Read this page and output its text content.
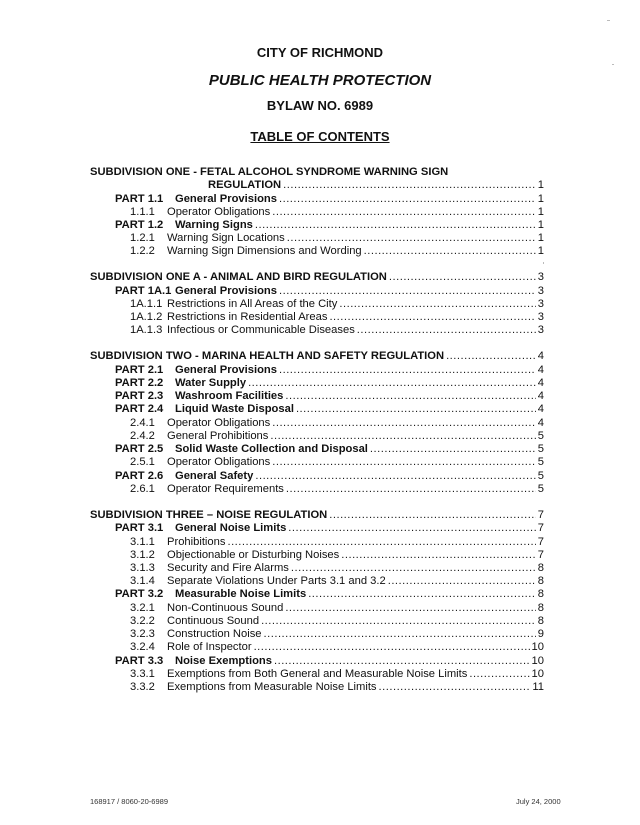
CITY OF RICHMOND
PUBLIC HEALTH PROTECTION
BYLAW NO. 6989
TABLE OF CONTENTS
SUBDIVISION ONE - FETAL ALCOHOL SYNDROME WARNING SIGN
REGULATION .....	1
PART 1.1	General Provisions .....	1
1.1.1	Operator Obligations .....	1
PART 1.2	Warning Signs .....	1
1.2.1	Warning Sign Locations .....	1
1.2.2	Warning Sign Dimensions and Wording .....	1
SUBDIVISION ONE A - ANIMAL AND BIRD REGULATION .....	3
PART 1A.1 General Provisions .....	3
1A.1.1 Restrictions in All Areas of the City .....	3
1A.1.2 Restrictions in Residential Areas .....	3
1A.1.3 Infectious or Communicable Diseases .....	3
SUBDIVISION TWO - MARINA HEALTH AND SAFETY REGULATION .....	4
PART 2.1	General Provisions .....	4
PART 2.2	Water Supply .....	4
PART 2.3	Washroom Facilities .....	4
PART 2.4	Liquid Waste Disposal .....	4
2.4.1	Operator Obligations .....	4
2.4.2	General Prohibitions .....	5
PART 2.5	Solid Waste Collection and Disposal .....	5
2.5.1	Operator Obligations .....	5
PART 2.6	General Safety .....	5
2.6.1	Operator Requirements .....	5
SUBDIVISION THREE – NOISE REGULATION .....	7
PART 3.1	General Noise Limits .....	7
3.1.1	Prohibitions .....	7
3.1.2	Objectionable or Disturbing Noises .....	7
3.1.3	Security and Fire Alarms .....	8
3.1.4	Separate Violations Under Parts 3.1 and 3.2 .....	8
PART 3.2	Measurable Noise Limits .....	8
3.2.1	Non-Continuous Sound .....	8
3.2.2	Continuous Sound .....	8
3.2.3	Construction Noise .....	9
3.2.4	Role of Inspector .....	10
PART 3.3	Noise Exemptions .....	10
3.3.1	Exemptions from Both General and Measurable Noise Limits .....	10
3.3.2	Exemptions from Measurable Noise Limits .....	11
168917 / 8060-20-6989	July 24, 2000
